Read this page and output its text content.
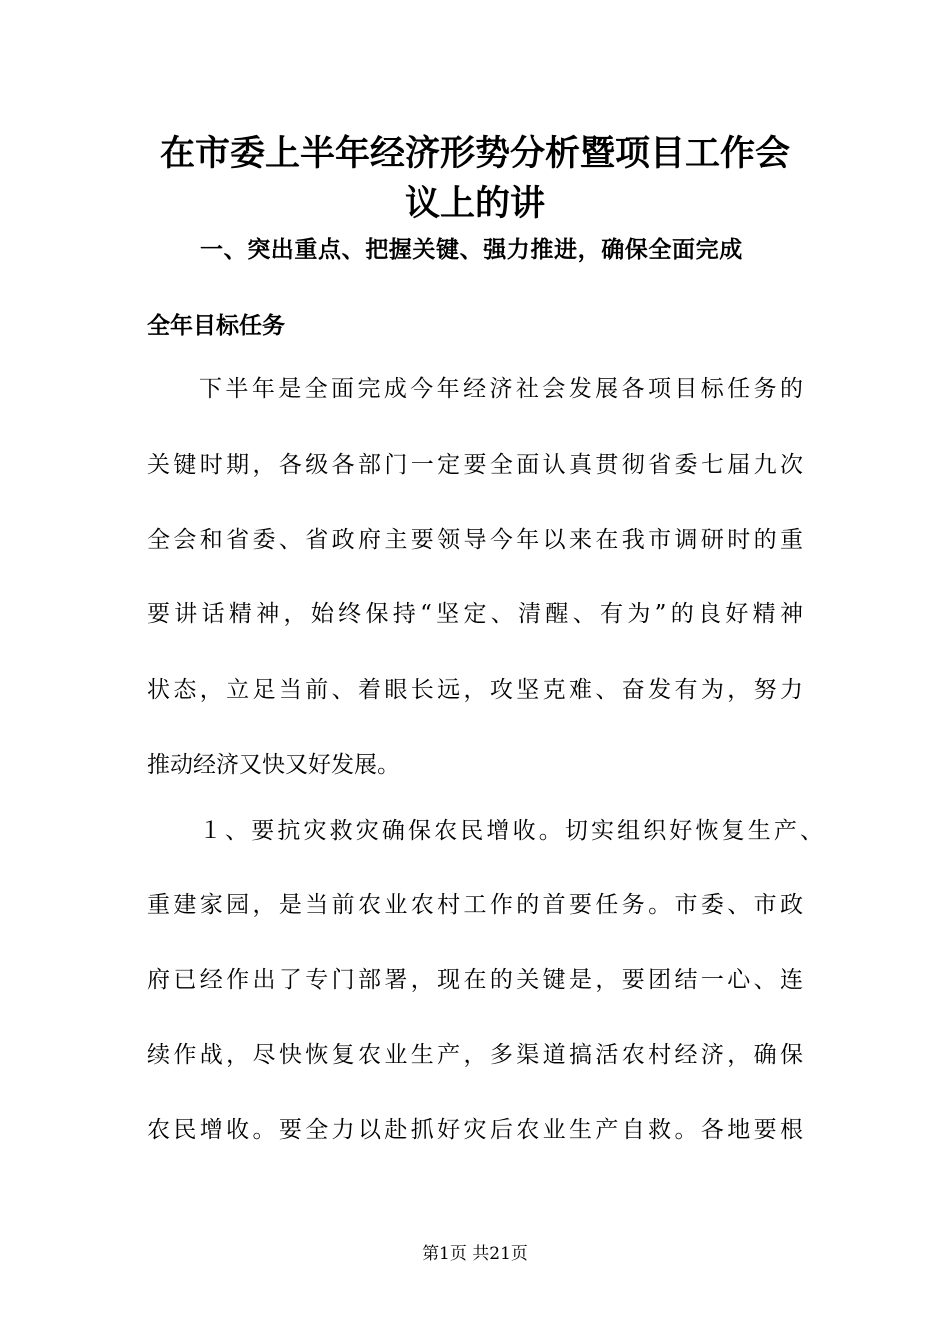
在市委上半年经济形势分析暨项目工作会
议上的讲
一、突出重点、把握关键、强力推进，确保全面完成
全年目标任务
下半年是全面完成今年经济社会发展各项目标任务的
关键时期，各级各部门一定要全面认真贯彻省委七届九次
全会和省委、省政府主要领导今年以来在我市调研时的重
要讲话精神，始终保持“坚定、清醒、有为”的良好精神
状态，立足当前、着眼长远，攻坚克难、奋发有为，努力
推动经济又快又好发展。
１、要抗灾救灾确保农民增收。切实组织好恢复生产、
重建家园，是当前农业农村工作的首要任务。市委、市政
府已经作出了专门部署，现在的关键是，要团结一心、连
续作战，尽快恢复农业生产，多渠道搞活农村经济，确保
农民增收。要全力以赴抓好灾后农业生产自救。各地要根
第1页 共21页
